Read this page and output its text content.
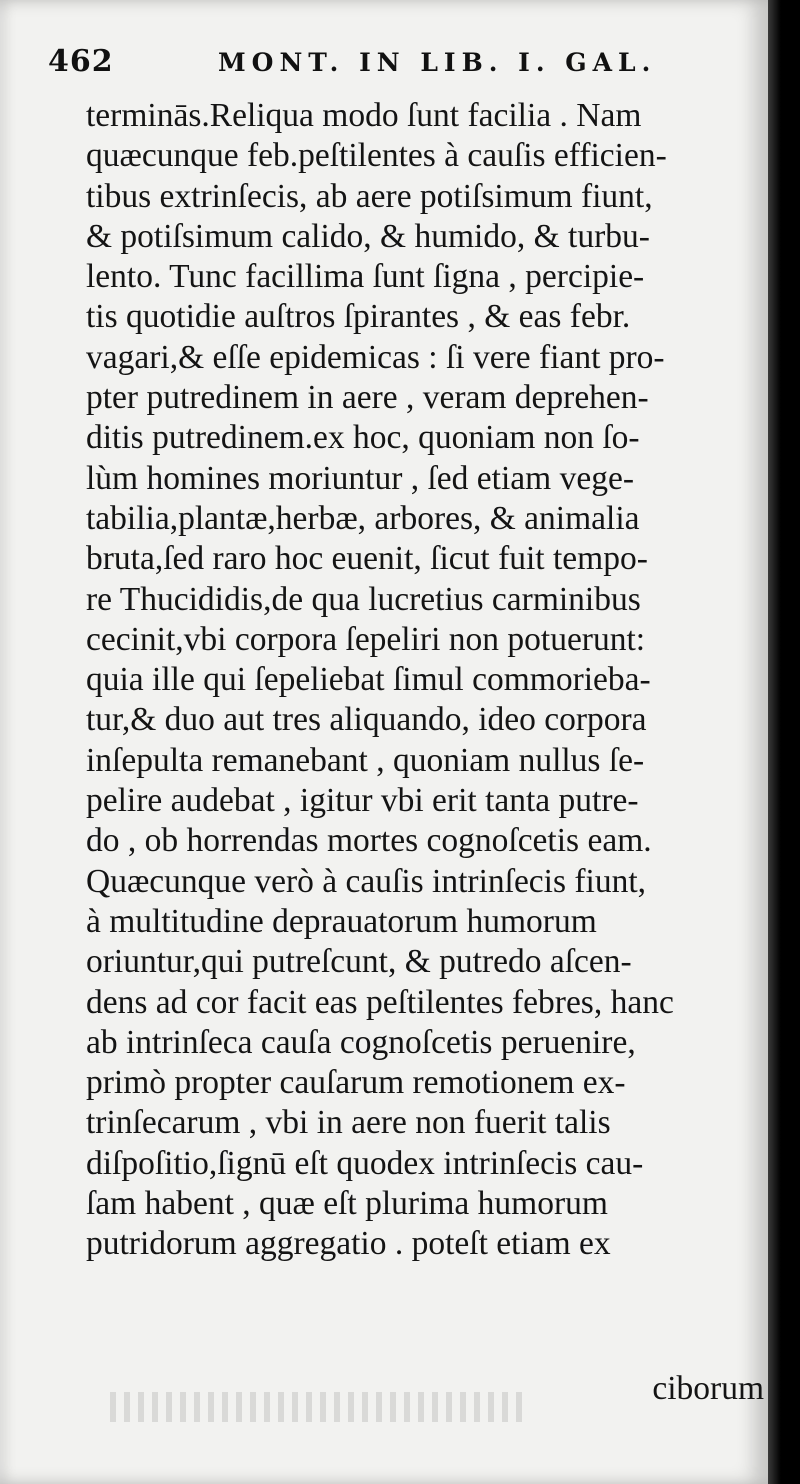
462	MONT. IN LIB. I. GAL.
terminās.Reliqua modo ſunt facilia . Nam
quæcunque feb.peſtilentes à cauſis efficien-
tibus extrinſecis, ab aere potiſsimum fiunt,
& potiſsimum calido, & humido, & turbu-
lento. Tunc facillima ſunt ſigna , percipie-
tis quotidie auſtros ſpirantes , & eas febr.
vagari,& eſſe epidemicas : ſi vere fiant pro-
pter putredinem in aere , veram deprehen-
ditis putredinem.ex hoc, quoniam non ſo-
lùm homines moriuntur , ſed etiam vege-
tabilia,plantæ,herbæ, arbores, & animalia
bruta,ſed raro hoc euenit, ſicut fuit tempo-
re Thucididis,de qua lucretius carminibus
cecinit,vbi corpora ſepeliri non potuerunt:
quia ille qui ſepeliebat ſimul commorieba-
tur,& duo aut tres aliquando, ideo corpora
inſepulta remanebant , quoniam nullus ſe-
pelire audebat , igitur vbi erit tanta putre-
do , ob horrendas mortes cognoſcetis eam.
Quæcunque verò à cauſis intrinſecis fiunt,
à multitudine deprauatorum humorum
oriuntur,qui putreſcunt, & putredo aſcen-
dens ad cor facit eas peſtilentes febres, hanc
ab intrinſeca cauſa cognoſcetis peruenire,
primò propter cauſarum remotionem ex-
trinſecarum , vbi in aere non fuerit talis
diſpoſitio,ſignū eſt quodex intrinſecis cau-
ſam habent , quæ eſt plurima humorum
putridorum aggregatio . poteſt etiam ex
ciborum
